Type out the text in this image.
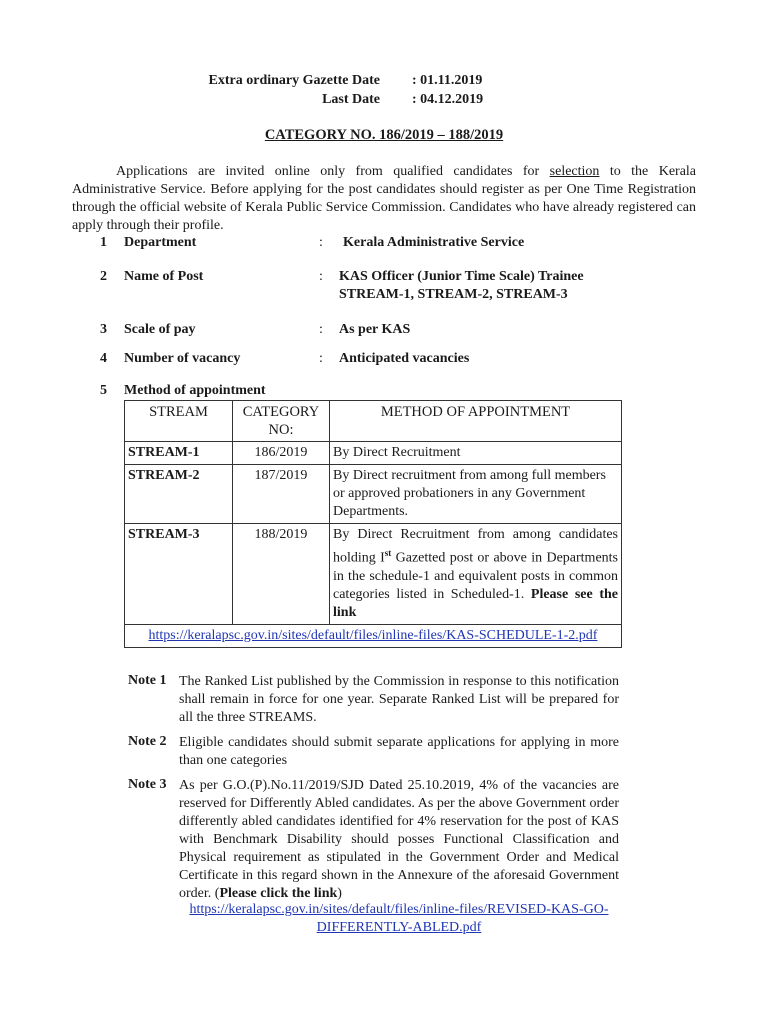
Extra ordinary Gazette Date : 01.11.2019
Last Date : 04.12.2019
CATEGORY NO. 186/2019 – 188/2019
Applications are invited online only from qualified candidates for selection to the Kerala
Administrative Service. Before applying for the post candidates should register as per One Time Registration through the official website of Kerala Public Service Commission. Candidates who have already registered can apply through their profile.
1 Department	: Kerala Administrative Service
2 Name of Post	: KAS Officer (Junior Time Scale) Trainee
STREAM-1, STREAM-2, STREAM-3
3 Scale of pay	: As per KAS
4 Number of vacancy	: Anticipated vacancies
5 Method of appointment
STREAM	CATEGORY NO:	METHOD OF APPOINTMENT
STREAM-1	186/2019	By Direct Recruitment
STREAM-2	187/2019	By Direct recruitment from among full members or approved probationers in any Government Departments.
STREAM-3	188/2019	By Direct Recruitment from among candidates holding Ist Gazetted post or above in Departments in the schedule-1 and equivalent posts in common categories listed in Scheduled-1. Please see the link
https://keralapsc.gov.in/sites/default/files/inline-files/KAS-SCHEDULE-1-2.pdf		
Note 1 The Ranked List published by the Commission in response to this notification shall remain in force for one year. Separate Ranked List will be prepared for all the three STREAMS.
Note 2 Eligible candidates should submit separate applications for applying in more than one categories
Note 3 As per G.O.(P).No.11/2019/SJD Dated 25.10.2019, 4% of the vacancies are reserved for Differently Abled candidates. As per the above Government order differently abled candidates identified for 4% reservation for the post of KAS with Benchmark Disability should posses Functional Classification and Physical requirement as stipulated in the Government Order and Medical Certificate in this regard shown in the Annexure of the aforesaid Government order. (Please click the link)
https://keralapsc.gov.in/sites/default/files/inline-files/REVISED-KAS-GO-
DIFFERENTLY-ABLED.pdf
